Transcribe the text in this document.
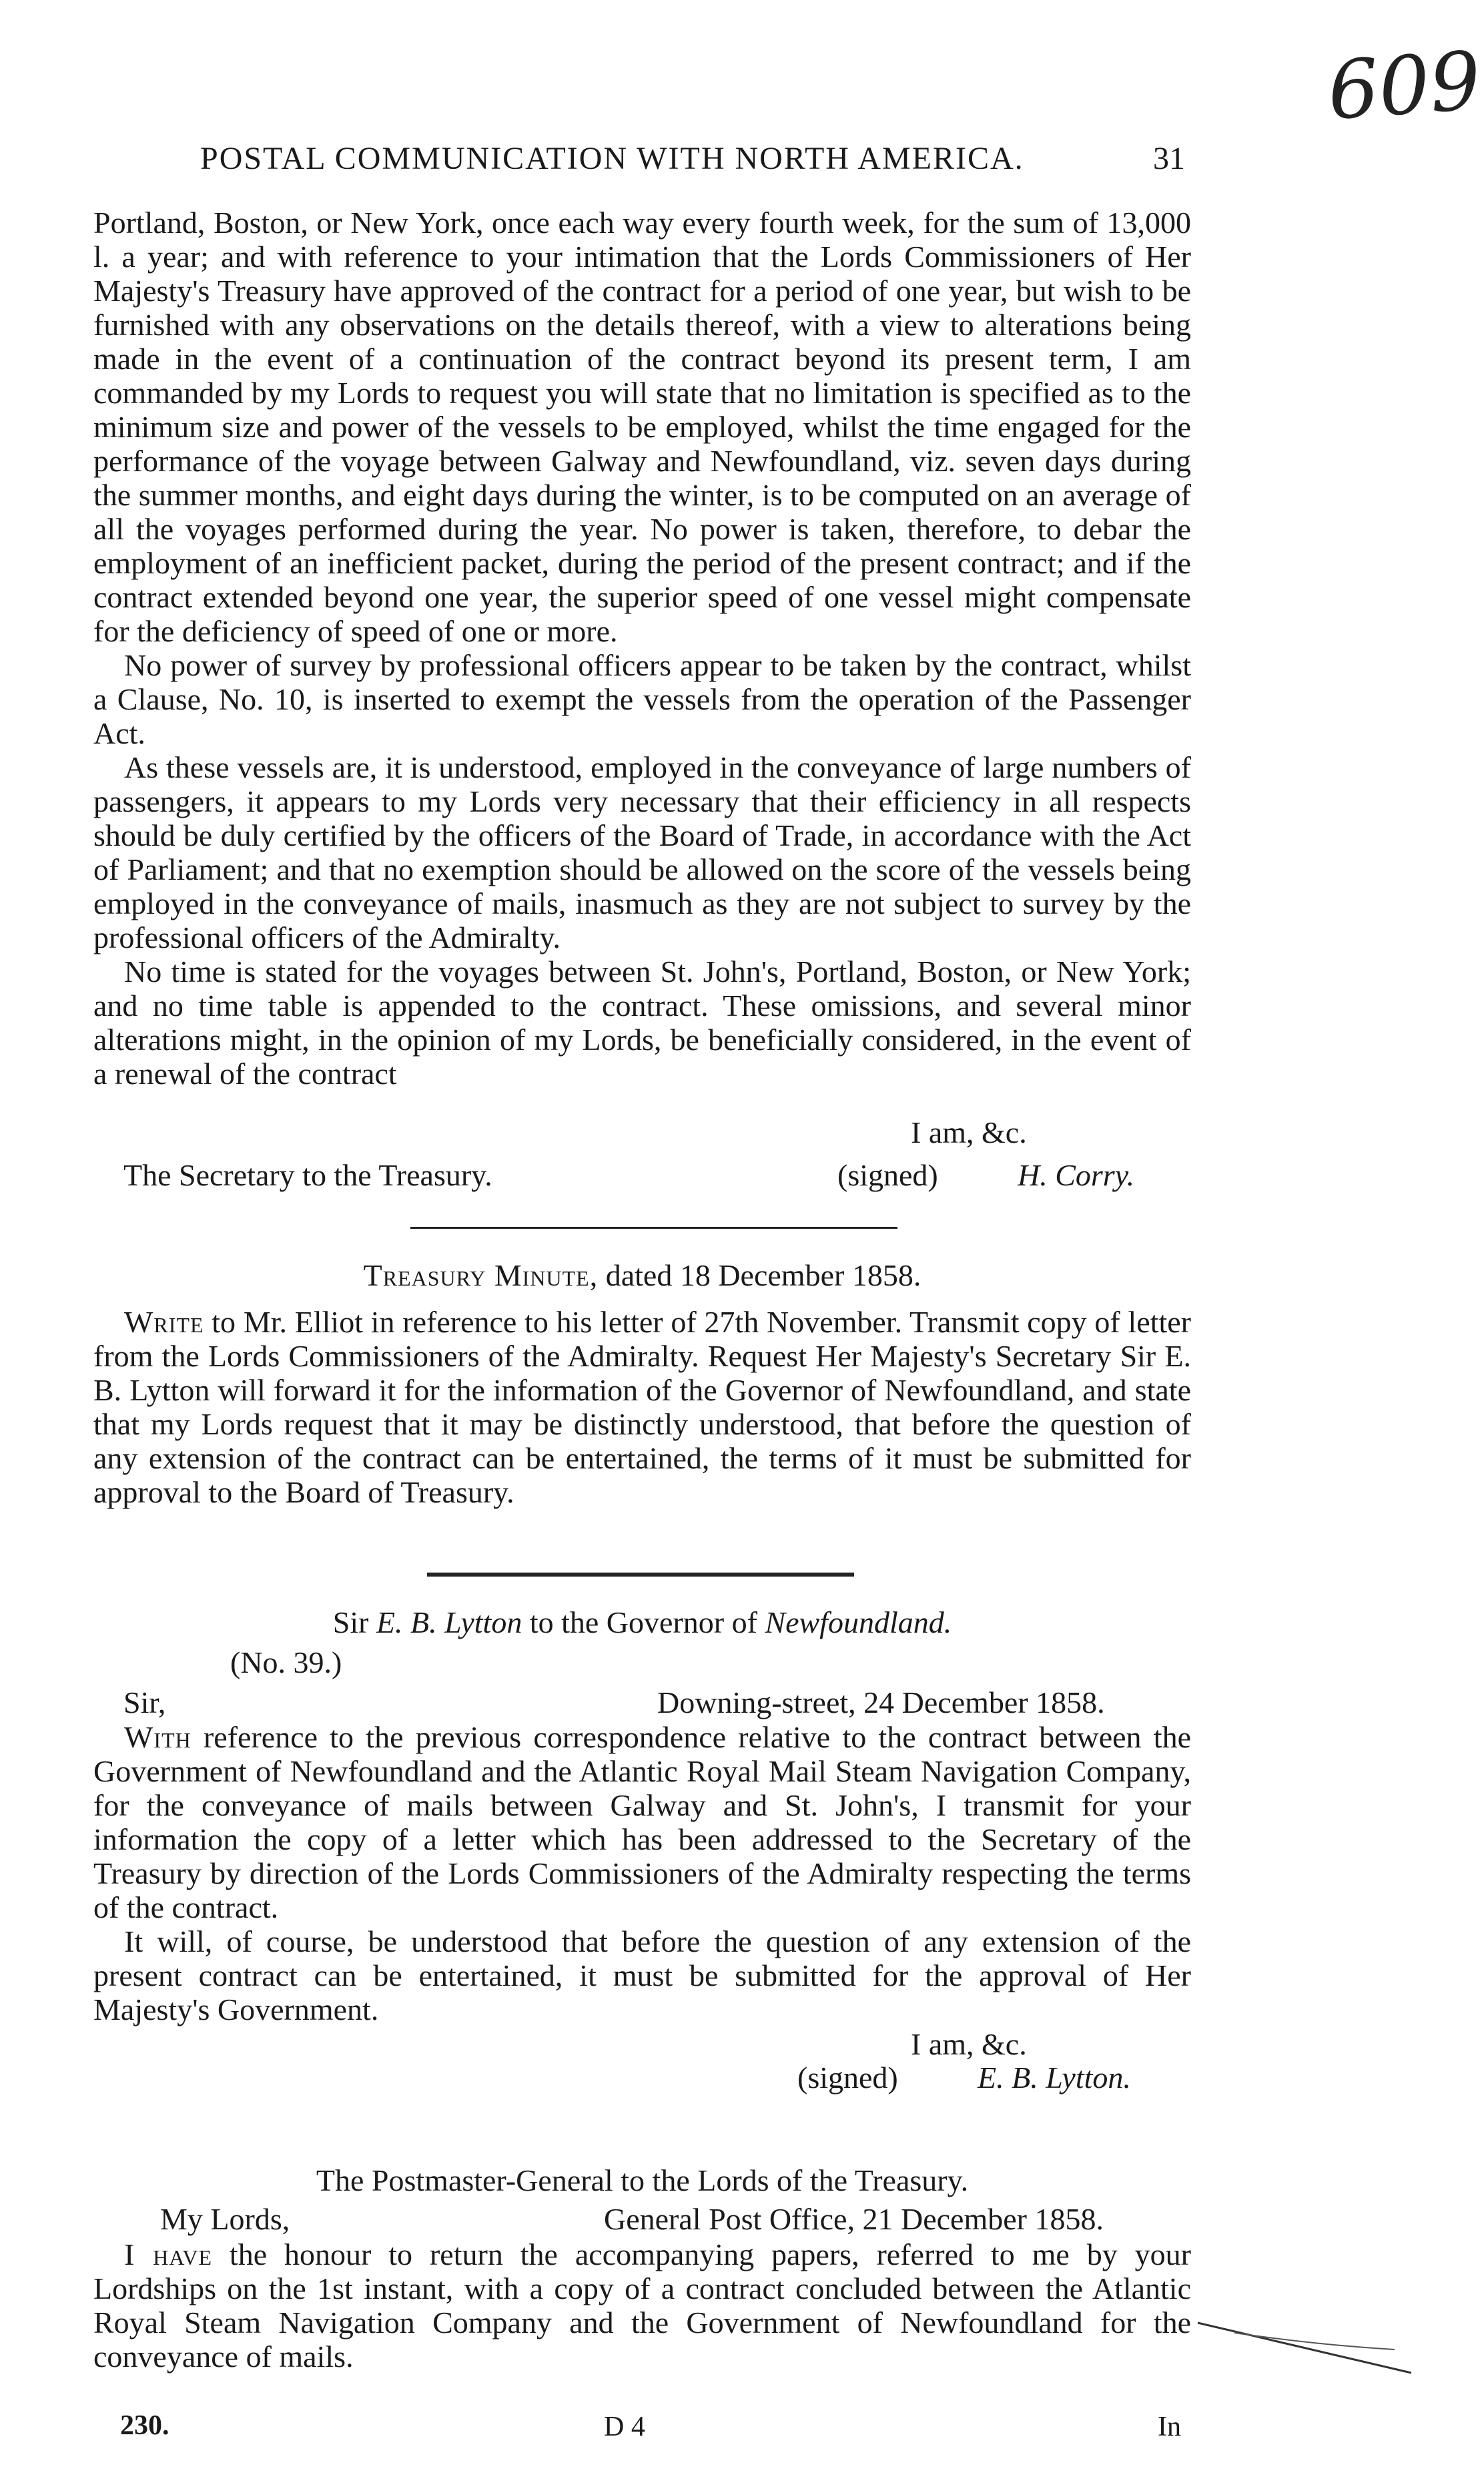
609
POSTAL COMMUNICATION WITH NORTH AMERICA.	31

Portland, Boston, or New York, once each way every fourth week, for the sum of 13,000 l. a year; and with reference to your intimation that the Lords Commissioners of Her Majesty's Treasury have approved of the contract for a period of one year, but wish to be furnished with any observations on the details thereof, with a view to alterations being made in the event of a continuation of the contract beyond its present term, I am commanded by my Lords to request you will state that no limitation is specified as to the minimum size and power of the vessels to be employed, whilst the time engaged for the performance of the voyage between Galway and Newfoundland, viz. seven days during the summer months, and eight days during the winter, is to be computed on an average of all the voyages performed during the year. No power is taken, therefore, to debar the employment of an inefficient packet, during the period of the present contract; and if the contract extended beyond one year, the superior speed of one vessel might compensate for the deficiency of speed of one or more.

No power of survey by professional officers appear to be taken by the contract, whilst a Clause, No. 10, is inserted to exempt the vessels from the operation of the Passenger Act.

As these vessels are, it is understood, employed in the conveyance of large numbers of passengers, it appears to my Lords very necessary that their efficiency in all respects should be duly certified by the officers of the Board of Trade, in accordance with the Act of Parliament; and that no exemption should be allowed on the score of the vessels being employed in the conveyance of mails, inasmuch as they are not subject to survey by the professional officers of the Admiralty.

No time is stated for the voyages between St. John's, Portland, Boston, or New York; and no time table is appended to the contract. These omissions, and several minor alterations might, in the opinion of my Lords, be beneficially considered, in the event of a renewal of the contract

I am, &c.
The Secretary to the Treasury.	(signed)	H. Corry.
Treasury Minute, dated 18 December 1858.

Write to Mr. Elliot in reference to his letter of 27th November. Transmit copy of letter from the Lords Commissioners of the Admiralty. Request Her Majesty's Secretary Sir E. B. Lytton will forward it for the information of the Governor of Newfoundland, and state that my Lords request that it may be distinctly understood, that before the question of any extension of the contract can be entertained, the terms of it must be submitted for approval to the Board of Treasury.

Sir E. B. Lytton to the Governor of Newfoundland.
(No. 39.)
Sir,	Downing-street, 24 December 1858.

With reference to the previous correspondence relative to the contract between the Government of Newfoundland and the Atlantic Royal Mail Steam Navigation Company, for the conveyance of mails between Galway and St. John's, I transmit for your information the copy of a letter which has been addressed to the Secretary of the Treasury by direction of the Lords Commissioners of the Admiralty respecting the terms of the contract.

It will, of course, be understood that before the question of any extension of the present contract can be entertained, it must be submitted for the approval of Her Majesty's Government.

I am, &c.
(signed)	E. B. Lytton.
The Postmaster-General to the Lords of the Treasury.
My Lords,	General Post Office, 21 December 1858.

I have the honour to return the accompanying papers, referred to me by your Lordships on the 1st instant, with a copy of a contract concluded between the Atlantic Royal Steam Navigation Company and the Government of Newfoundland for the conveyance of mails.

230.	D 4	In
